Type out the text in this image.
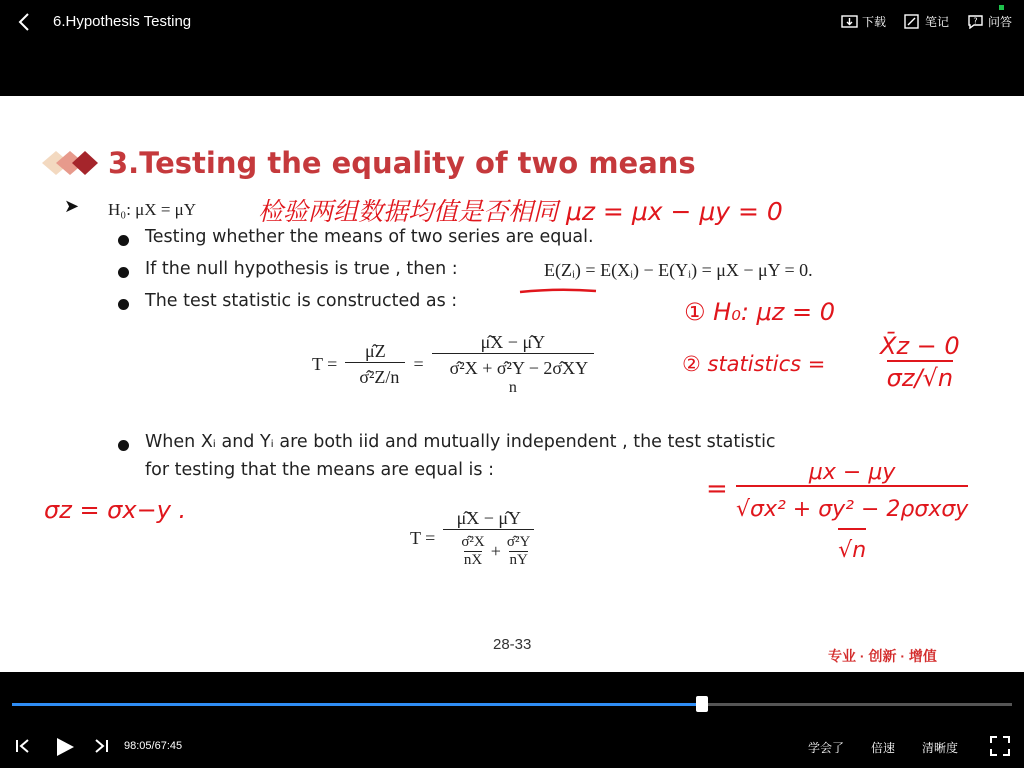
6.Hypothesis Testing	下载	笔记	? 问答
3.Testing the equality of two means
➤ H₀: μX = μY 检验两组数据均值是否相同 μz = μx − μy = 0
Testing whether the means of two series are equal.
If the null hypothesis is true , then :	E(Zᵢ) = E(Xᵢ) − E(Yᵢ) = μX − μY = 0.
The test statistic is constructed as :
$T = \frac{\mûZ}{\text{σ̂²Z/n}}$ =
μ̂X − μ̂Y
σ̂²X + σ̂²Y − 2σ̂XY
n
① H₀: μz = 0
② statistics = $\frac{X̄z - 0}{\sigma z/√n}$
When Xᵢ and Yᵢ are both iid and mutually independent , the test statistic
for testing that the means are equal is :
σz = σx−y .
T =
μ̂X − μ̂Y
$\frac{\text{σ̂²X}}{nX} + \frac{\text{σ̂²Y}}{nY}$
=
μx − μy
√σx² + σy² − 2ρσxσy
√n
28-33
专业 · 创新 · 增值
98:05/67:45	学会了 倍速 清晰度
